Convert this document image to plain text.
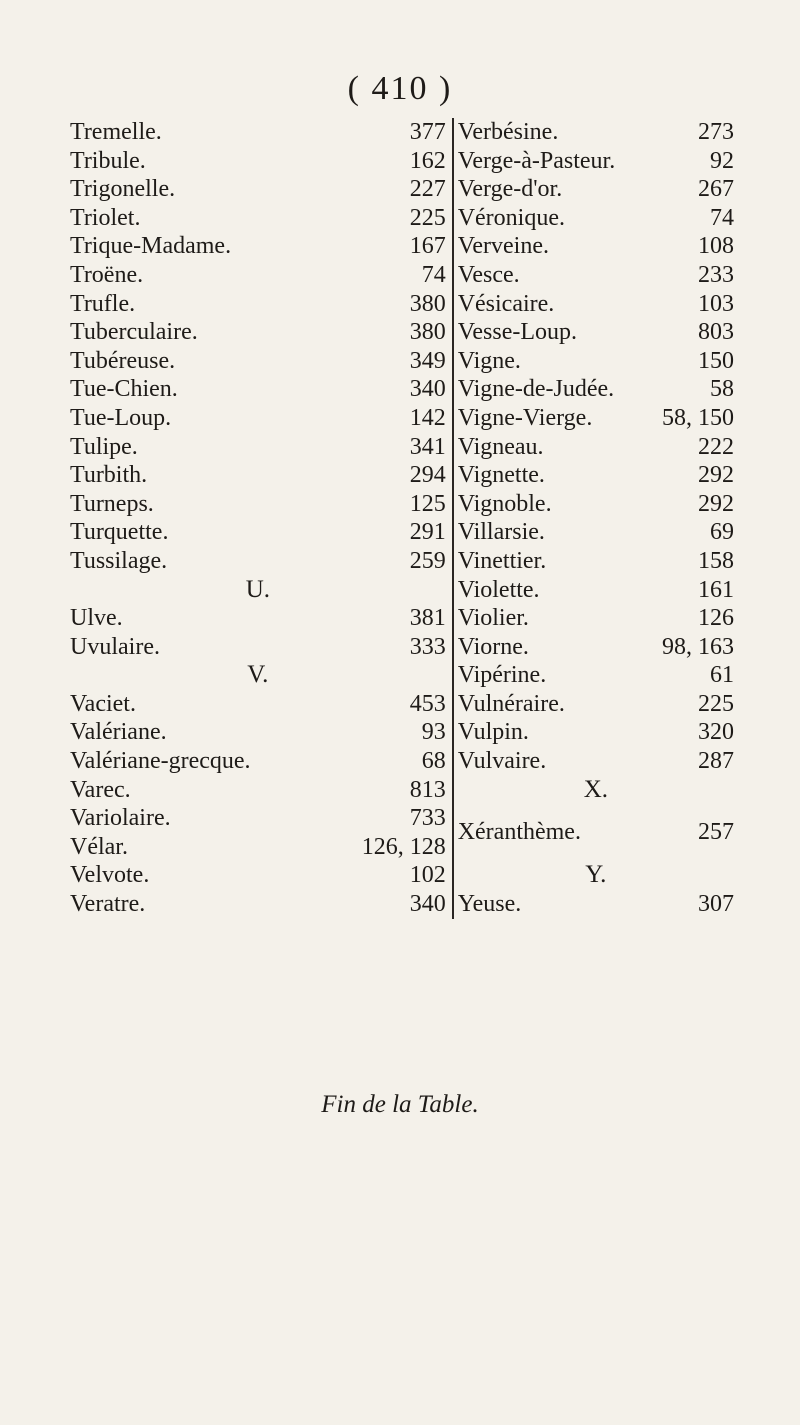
( 410 )
Tremelle.	377
Tribule.	162
Trigonelle.	227
Triolet.	225
Trique-Madame.	167
Troëne.	74
Trufle.	380
Tuberculaire.	380
Tubéreuse.	349
Tue-Chien.	340
Tue-Loup.	142
Tulipe.	341
Turbith.	294
Turneps.	125
Turquette.	291
Tussilage.	259
U.
Ulve.	381
Uvulaire.	333
V.
Vaciet.	453
Valériane.	93
Valériane-grecque.	68
Varec.	813
Variolaire.	733
Vélar.	126, 128
Velvote.	102
Veratre.	340
Verbésine.	273
Verge-à-Pasteur.	92
Verge-d'or.	267
Véronique.	74
Verveine.	108
Vesce.	233
Vésicaire.	103
Vesse-Loup.	803
Vigne.	150
Vigne-de-Judée.	58
Vigne-Vierge.	58, 150
Vigneau.	222
Vignette.	292
Vignoble.	292
Villarsie.	69
Vinettier.	158
Violette.	161
Violier.	126
Viorne.	98, 163
Vipérine.	61
Vulnéraire.	225
Vulpin.	320
Vulvaire.	287
X.
Xéranthème.	257
Y.
Yeuse.	307
Fin de la Table.
